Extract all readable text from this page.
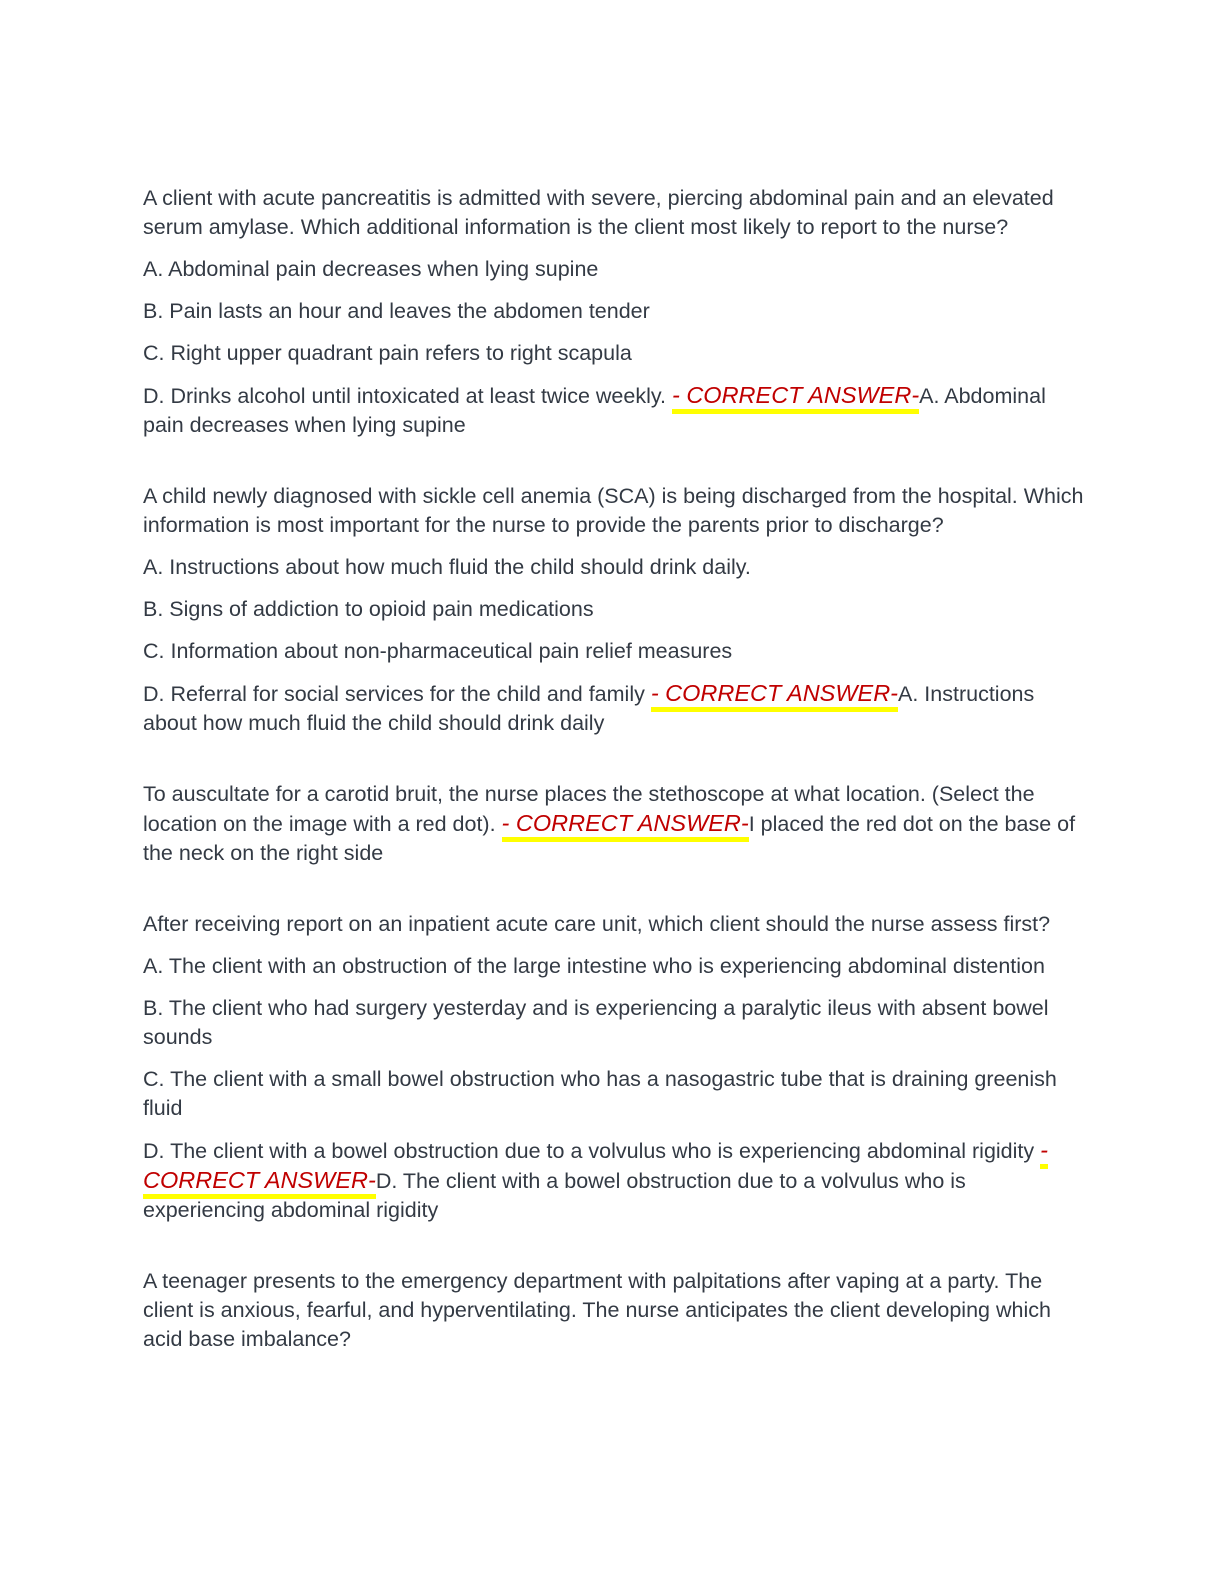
A client with acute pancreatitis is admitted with severe, piercing abdominal pain and an elevated serum amylase. Which additional information is the client most likely to report to the nurse?

A. Abdominal pain decreases when lying supine

B. Pain lasts an hour and leaves the abdomen tender

C. Right upper quadrant pain refers to right scapula

D. Drinks alcohol until intoxicated at least twice weekly. - CORRECT ANSWER-A. Abdominal pain decreases when lying supine

A child newly diagnosed with sickle cell anemia (SCA) is being discharged from the hospital. Which information is most important for the nurse to provide the parents prior to discharge?

A. Instructions about how much fluid the child should drink daily.

B. Signs of addiction to opioid pain medications

C. Information about non-pharmaceutical pain relief measures

D. Referral for social services for the child and family - CORRECT ANSWER-A. Instructions about how much fluid the child should drink daily

To auscultate for a carotid bruit, the nurse places the stethoscope at what location. (Select the location on the image with a red dot). - CORRECT ANSWER-I placed the red dot on the base of the neck on the right side

After receiving report on an inpatient acute care unit, which client should the nurse assess first?

A. The client with an obstruction of the large intestine who is experiencing abdominal distention

B. The client who had surgery yesterday and is experiencing a paralytic ileus with absent bowel sounds

C. The client with a small bowel obstruction who has a nasogastric tube that is draining greenish fluid

D. The client with a bowel obstruction due to a volvulus who is experiencing abdominal rigidity - CORRECT ANSWER-D. The client with a bowel obstruction due to a volvulus who is experiencing abdominal rigidity

A teenager presents to the emergency department with palpitations after vaping at a party. The client is anxious, fearful, and hyperventilating. The nurse anticipates the client developing which acid base imbalance?
